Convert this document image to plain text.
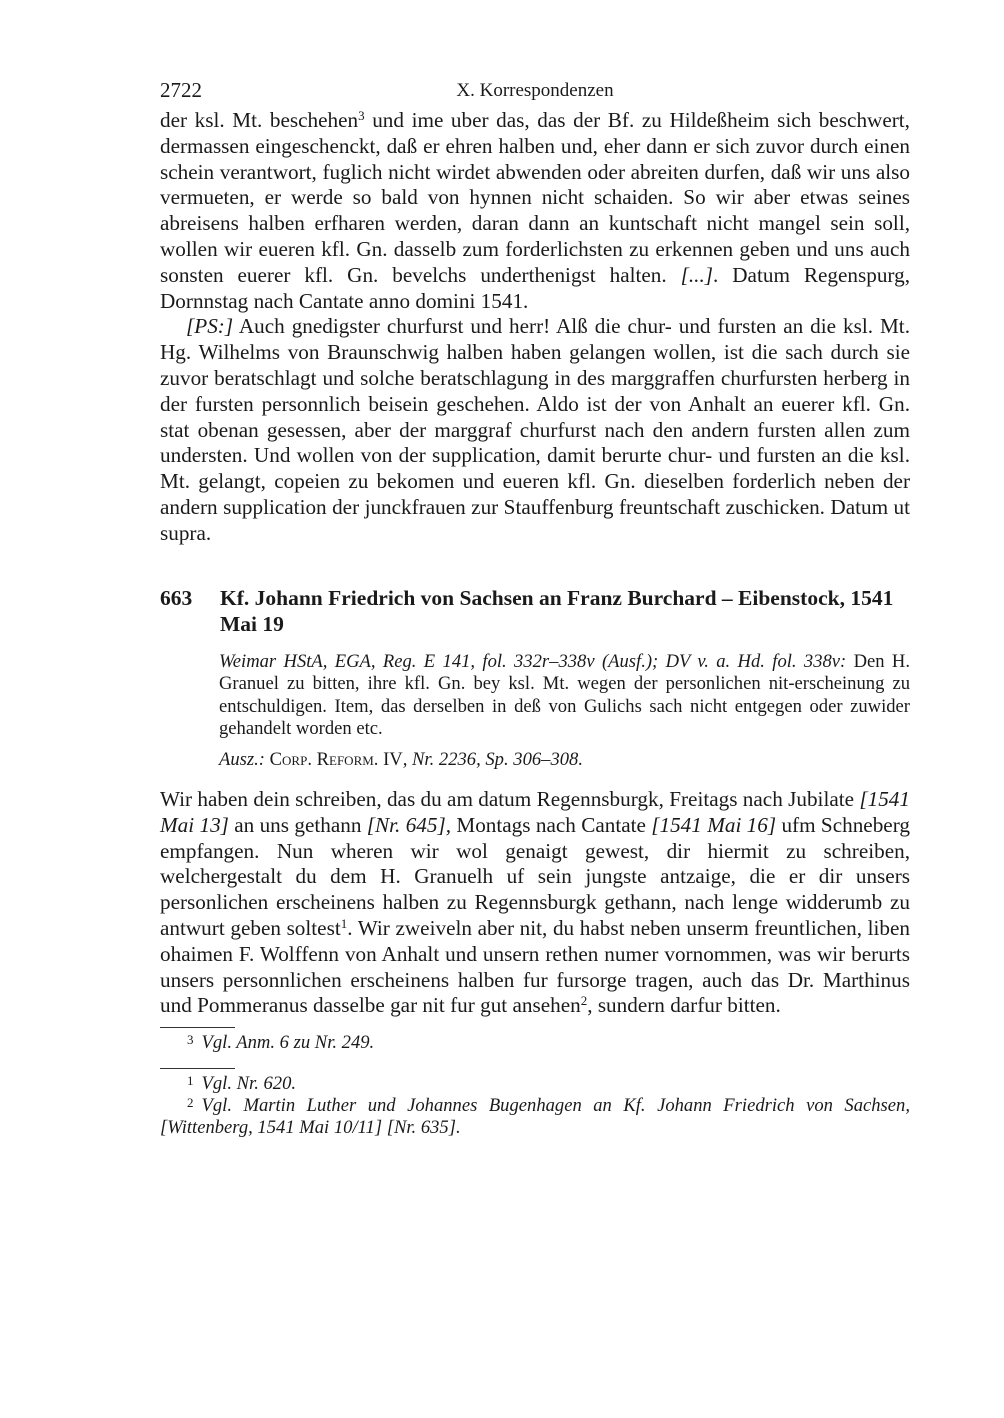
2722	X. Korrespondenzen

der ksl. Mt. beschehen$^3$ und ime uber das, das der Bf. zu Hildeßheim sich beschwert, dermassen eingeschenckt, daß er ehren halben und, eher dann er sich zuvor durch einen schein verantwort, fuglich nicht wirdet abwenden oder abreiten durfen, daß wir uns also vermueten, er werde so bald von hynnen nicht schaiden. So wir aber etwas seines abreisens halben erfharen werden, daran dann an kuntschaft nicht mangel sein soll, wollen wir eueren kfl. Gn. dasselb zum forderlichsten zu erkennen geben und uns auch sonsten euerer kfl. Gn. bevelchs underthenigst halten. [...]. Datum Regenspurg, Dornnstag nach Cantate anno domini 1541.

[PS:] Auch gnedigster churfurst und herr! Alß die chur- und fursten an die ksl. Mt. Hg. Wilhelms von Braunschwig halben haben gelangen wollen, ist die sach durch sie zuvor beratschlagt und solche beratschlagung in des marggraffen churfursten herberg in der fursten personnlich beisein geschehen. Aldo ist der von Anhalt an euerer kfl. Gn. stat obenan gesessen, aber der marggraf churfurst nach den andern fursten allen zum understen. Und wollen von der supplication, damit berurte chur- und fursten an die ksl. Mt. gelangt, copeien zu bekomen und eueren kfl. Gn. dieselben forderlich neben der andern supplication der junckfrauen zur Stauffenburg freuntschaft zuschicken. Datum ut supra.

663	Kf. Johann Friedrich von Sachsen an Franz Burchard – Eibenstock, 1541 Mai 19
Weimar HStA, EGA, Reg. E 141, fol. 332r–338v (Ausf.); DV v. a. Hd. fol. 338v: Den H. Granuel zu bitten, ihre kfl. Gn. bey ksl. Mt. wegen der personlichen nit-erscheinung zu entschuldigen. Item, das derselben in deß von Gulichs sach nicht entgegen oder zuwider gehandelt worden etc.
Ausz.: Corp. Reform. IV, Nr. 2236, Sp. 306–308.

Wir haben dein schreiben, das du am datum Regennsburgk, Freitags nach Jubilate [1541 Mai 13] an uns gethann [Nr. 645], Montags nach Cantate [1541 Mai 16] ufm Schneberg empfangen. Nun wheren wir wol genaigt gewest, dir hiermit zu schreiben, welchergestalt du dem H. Granuelh uf sein jungste antzaige, die er dir unsers personlichen erscheinens halben zu Regennsburgk gethann, nach lenge widderumb zu antwurt geben soltest$^1$. Wir zweiveln aber nit, du habst neben unserm freuntlichen, liben ohaimen F. Wolffenn von Anhalt und unsern rethen numer vornommen, was wir berurts unsers personnlichen erscheinens halben fur fursorge tragen, auch das Dr. Marthinus und Pommeranus dasselbe gar nit fur gut ansehen$^2$, sundern darfur bitten.

$^3$ Vgl. Anm. 6 zu Nr. 249.

$^1$ Vgl. Nr. 620.

$^2$ Vgl. Martin Luther und Johannes Bugenhagen an Kf. Johann Friedrich von Sachsen, [Wittenberg, 1541 Mai 10/11] [Nr. 635].
